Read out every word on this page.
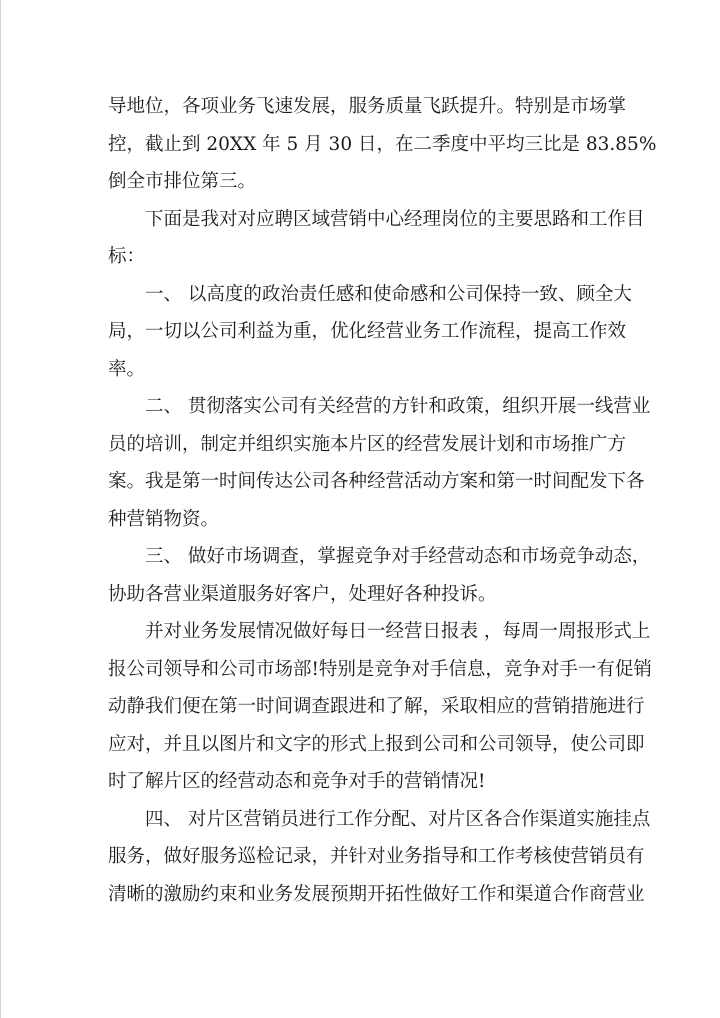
导地位，各项业务飞速发展，服务质量飞跃提升。特别是市场掌
控，截止到 20XX 年 5 月 30 日，在二季度中平均三比是 83.85%
倒全市排位第三。
下面是我对对应聘区域营销中心经理岗位的主要思路和工作目
标：
一、 以高度的政治责任感和使命感和公司保持一致、顾全大
局，一切以公司利益为重，优化经营业务工作流程，提高工作效
率。
二、 贯彻落实公司有关经营的方针和政策，组织开展一线营业
员的培训，制定并组织实施本片区的经营发展计划和市场推广方
案。我是第一时间传达公司各种经营活动方案和第一时间配发下各
种营销物资。
三、 做好市场调查，掌握竞争对手经营动态和市场竞争动态，
协助各营业渠道服务好客户，处理好各种投诉。
并对业务发展情况做好每日一经营日报表 ，每周一周报形式上
报公司领导和公司市场部!特别是竞争对手信息，竞争对手一有促销
动静我们便在第一时间调查跟进和了解，采取相应的营销措施进行
应对，并且以图片和文字的形式上报到公司和公司领导，使公司即
时了解片区的经营动态和竞争对手的营销情况!
四、 对片区营销员进行工作分配、对片区各合作渠道实施挂点
服务，做好服务巡检记录，并针对业务指导和工作考核使营销员有
清晰的激励约束和业务发展预期开拓性做好工作和渠道合作商营业
